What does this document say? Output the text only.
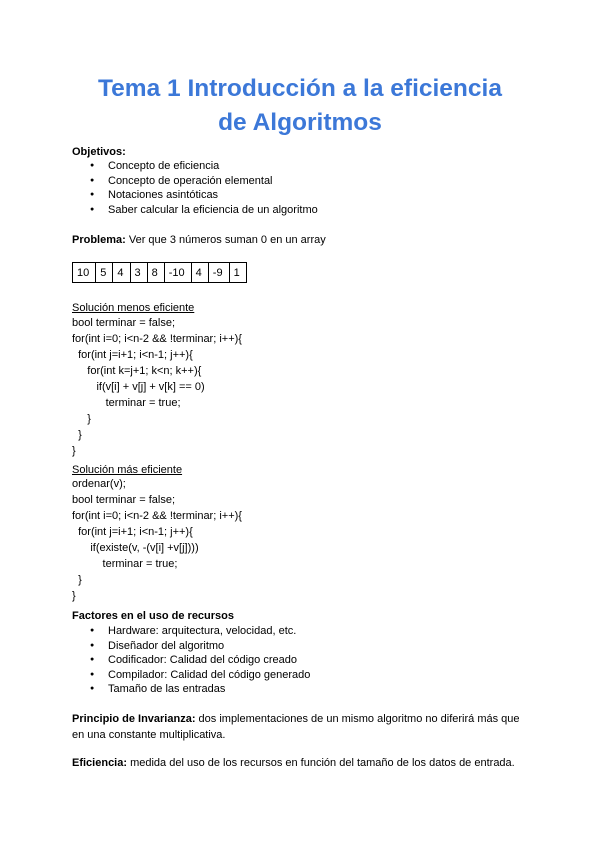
Tema 1 Introducción a la eficiencia
de Algoritmos
Objetivos:
● Concepto de eficiencia
● Concepto de operación elemental
● Notaciones asintóticas
● Saber calcular la eficiencia de un algoritmo
Problema: Ver que 3 números suman 0 en un array
10	5	4	3	8	-10	4	-9	1
Solución menos eficiente
bool terminar = false;
for(int i=0; i<n-2 && !terminar; i++){
for(int j=i+1; i<n-1; j++){
for(int k=j+1; k<n; k++){
if(v[i] + v[j] + v[k] == 0)
terminar = true;
}
}
}
Solución más eficiente
ordenar(v);
bool terminar = false;
for(int i=0; i<n-2 && !terminar; i++){
for(int j=i+1; i<n-1; j++){
if(existe(v, -(v[i] +v[j])))
terminar = true;
}
}
Factores en el uso de recursos
● Hardware: arquitectura, velocidad, etc.
● Diseñador del algoritmo
● Codificador: Calidad del código creado
● Compilador: Calidad del código generado
● Tamaño de las entradas

Principio de Invarianza: dos implementaciones de un mismo algoritmo no diferirá más que en una constante multiplicativa.

Eficiencia: medida del uso de los recursos en función del tamaño de los datos de entrada.
